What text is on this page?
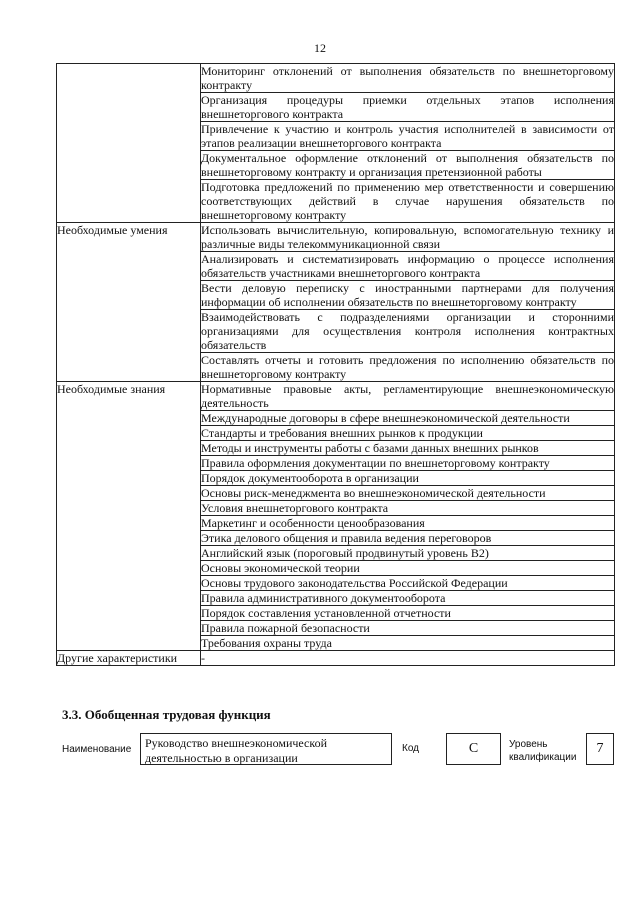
12
	Мониторинг отклонений от выполнения обязательств по внешнеторговому контракту
	Организация процедуры приемки отдельных этапов исполнения внешнеторгового контракта
	Привлечение к участию и контроль участия исполнителей в зависимости от этапов реализации внешнеторгового контракта
	Документальное оформление отклонений от выполнения обязательств по внешнеторговому контракту и организация претензионной работы
	Подготовка предложений по применению мер ответственности и совершению соответствующих действий в случае нарушения обязательств по внешнеторговому контракту
Необходимые умения	Использовать вычислительную, копировальную, вспомогательную технику и различные виды телекоммуникационной связи
	Анализировать и систематизировать информацию о процессе исполнения обязательств участниками внешнеторгового контракта
	Вести деловую переписку с иностранными партнерами для получения информации об исполнении обязательств по внешнеторговому контракту
	Взаимодействовать с подразделениями организации и сторонними организациями для осуществления контроля исполнения контрактных обязательств
	Составлять отчеты и готовить предложения по исполнению обязательств по внешнеторговому контракту
Необходимые знания	Нормативные правовые акты, регламентирующие внешнеэкономическую деятельность
	Международные договоры в сфере внешнеэкономической деятельности
	Стандарты и требования внешних рынков к продукции
	Методы и инструменты работы с базами данных внешних рынков
	Правила оформления документации по внешнеторговому контракту
	Порядок документооборота в организации
	Основы риск-менеджмента во внешнеэкономической деятельности
	Условия внешнеторгового контракта
	Маркетинг и особенности ценообразования
	Этика делового общения и правила ведения переговоров
	Английский язык (пороговый продвинутый уровень В2)
	Основы экономической теории
	Основы трудового законодательства Российской Федерации
	Правила административного документооборота
	Порядок составления установленной отчетности
	Правила пожарной безопасности
	Требования охраны труда
Другие характеристики	-
3.3. Обобщенная трудовая функция
Наименование	Руководство внешнеэкономической деятельностью в организации
Код	C	Уровень квалификации
7
